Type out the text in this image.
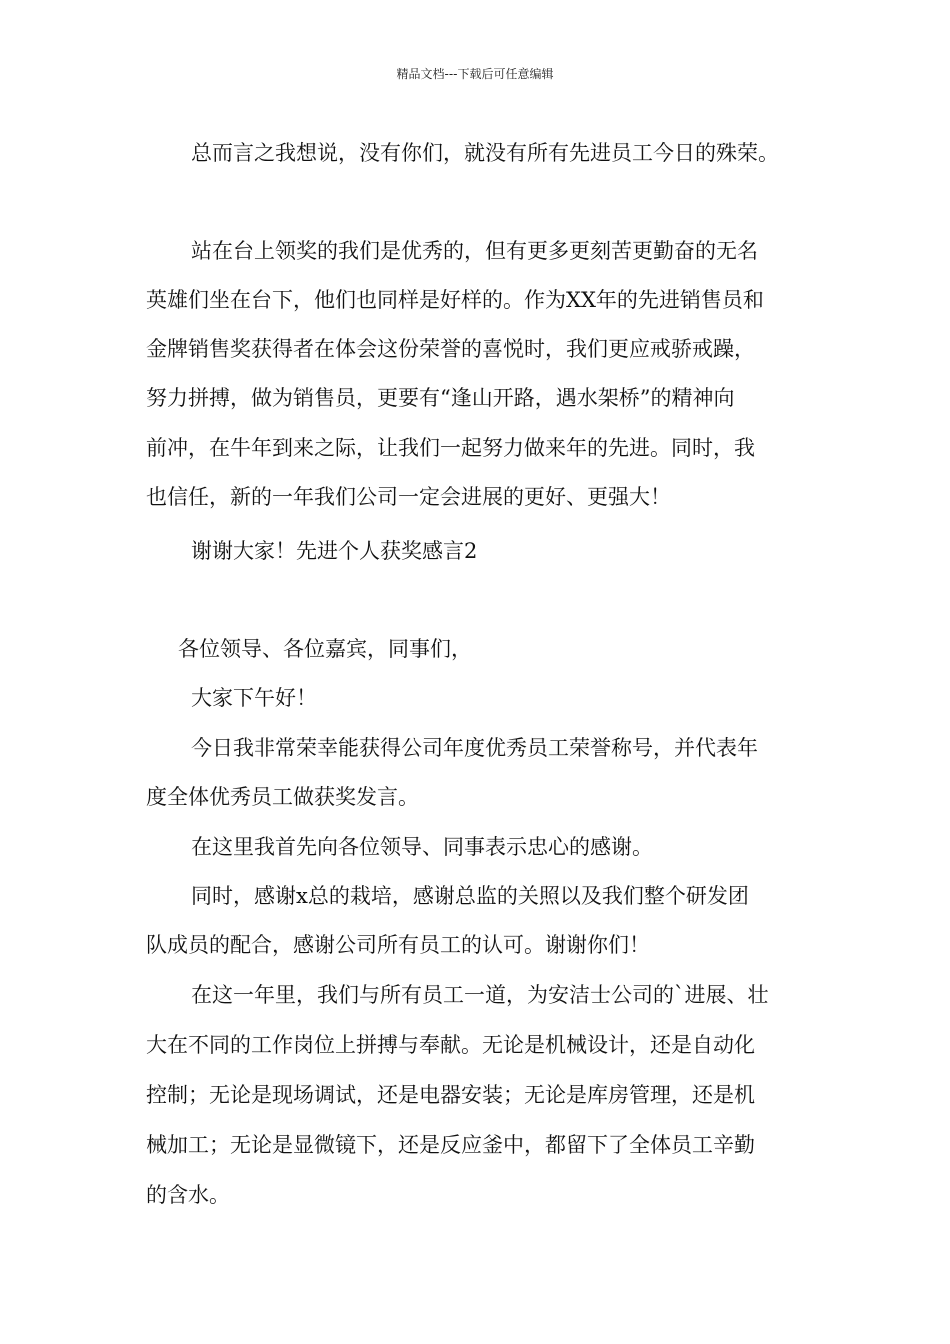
精品文档---下载后可任意编辑
总而言之我想说，没有你们，就没有所有先进员工今日的殊荣。
站在台上领奖的我们是优秀的，但有更多更刻苦更勤奋的无名
英雄们坐在台下，他们也同样是好样的。作为XX年的先进销售员和
金牌销售奖获得者在体会这份荣誉的喜悦时，我们更应戒骄戒躁，
努力拼搏，做为销售员，更要有“逢山开路，遇水架桥”的精神向
前冲，在牛年到来之际，让我们一起努力做来年的先进。同时，我
也信任，新的一年我们公司一定会进展的更好、更强大！
谢谢大家！先进个人获奖感言2
各位领导、各位嘉宾，同事们，
大家下午好！
今日我非常荣幸能获得公司年度优秀员工荣誉称号，并代表年
度全体优秀员工做获奖发言。
在这里我首先向各位领导、同事表示忠心的感谢。
同时，感谢x总的栽培，感谢总监的关照以及我们整个研发团
队成员的配合，感谢公司所有员工的认可。谢谢你们！
在这一年里，我们与所有员工一道，为安洁士公司的`进展、壮
大在不同的工作岗位上拼搏与奉献。无论是机械设计，还是自动化
控制；无论是现场调试，还是电器安装；无论是库房管理，还是机
械加工；无论是显微镜下，还是反应釜中，都留下了全体员工辛勤
的含水。
